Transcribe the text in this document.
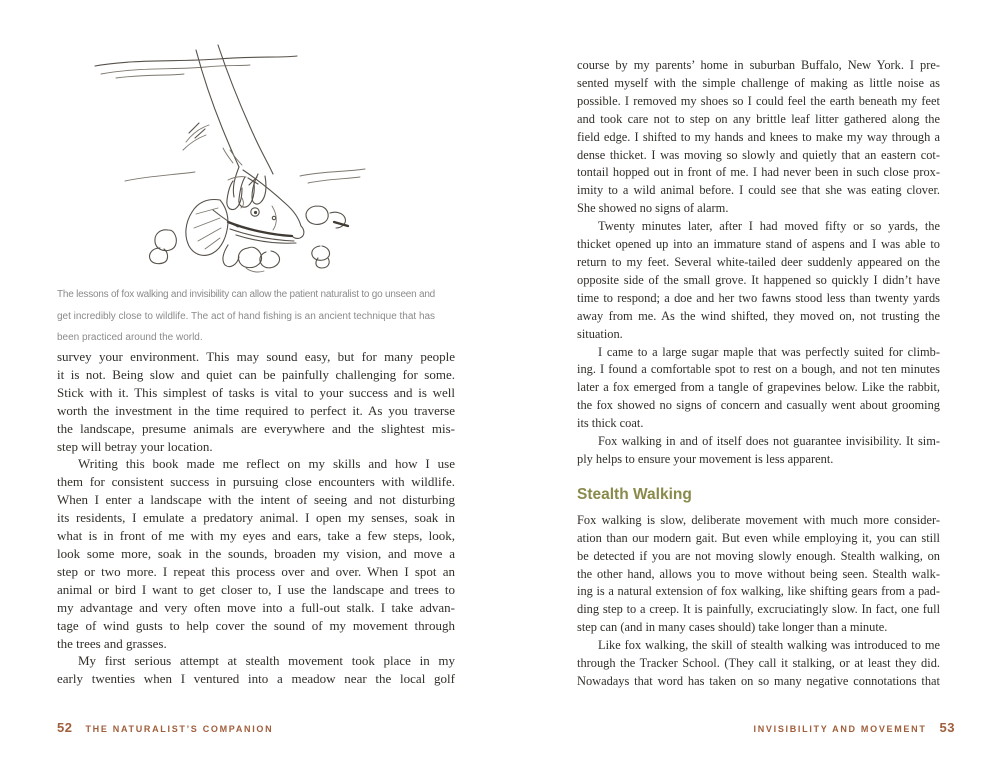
The lessons of fox walking and invisibility can allow the patient naturalist to go unseen and
get incredibly close to wildlife. The act of hand fishing is an ancient technique that has
been practiced around the world.
survey your environment. This may sound easy, but for many people
it is not. Being slow and quiet can be painfully challenging for some.
Stick with it. This simplest of tasks is vital to your success and is well
worth the investment in the time required to perfect it. As you traverse
the landscape, presume animals are everywhere and the slightest mis-
step will betray your location.
Writing this book made me reflect on my skills and how I use
them for consistent success in pursuing close encounters with wildlife.
When I enter a landscape with the intent of seeing and not disturbing
its residents, I emulate a predatory animal. I open my senses, soak in
what is in front of me with my eyes and ears, take a few steps, look,
look some more, soak in the sounds, broaden my vision, and move a
step or two more. I repeat this process over and over. When I spot an
animal or bird I want to get closer to, I use the landscape and trees to
my advantage and very often move into a full-out stalk. I take advan-
tage of wind gusts to help cover the sound of my movement through
the trees and grasses.
My first serious attempt at stealth movement took place in my
early twenties when I ventured into a meadow near the local golf
course by my parents’ home in suburban Buffalo, New York. I pre-
sented myself with the simple challenge of making as little noise as
possible. I removed my shoes so I could feel the earth beneath my feet
and took care not to step on any brittle leaf litter gathered along the
field edge. I shifted to my hands and knees to make my way through a
dense thicket. I was moving so slowly and quietly that an eastern cot-
tontail hopped out in front of me. I had never been in such close prox-
imity to a wild animal before. I could see that she was eating clover.
She showed no signs of alarm.
Twenty minutes later, after I had moved fifty or so yards, the
thicket opened up into an immature stand of aspens and I was able to
return to my feet. Several white-tailed deer suddenly appeared on the
opposite side of the small grove. It happened so quickly I didn’t have
time to respond; a doe and her two fawns stood less than twenty yards
away from me. As the wind shifted, they moved on, not trusting the
situation.
I came to a large sugar maple that was perfectly suited for climb-
ing. I found a comfortable spot to rest on a bough, and not ten minutes
later a fox emerged from a tangle of grapevines below. Like the rabbit,
the fox showed no signs of concern and casually went about grooming
its thick coat.
Fox walking in and of itself does not guarantee invisibility. It sim-
ply helps to ensure your movement is less apparent.
Stealth Walking
Fox walking is slow, deliberate movement with much more consider-
ation than our modern gait. But even while employing it, you can still
be detected if you are not moving slowly enough. Stealth walking, on
the other hand, allows you to move without being seen. Stealth walk-
ing is a natural extension of fox walking, like shifting gears from a pad-
ding step to a creep. It is painfully, excruciatingly slow. In fact, one full
step can (and in many cases should) take longer than a minute.
Like fox walking, the skill of stealth walking was introduced to me
through the Tracker School. (They call it stalking, or at least they did.
Nowadays that word has taken on so many negative connotations that
52 THE NATURALIST’S COMPANION	INVISIBILITY AND MOVEMENT 53
